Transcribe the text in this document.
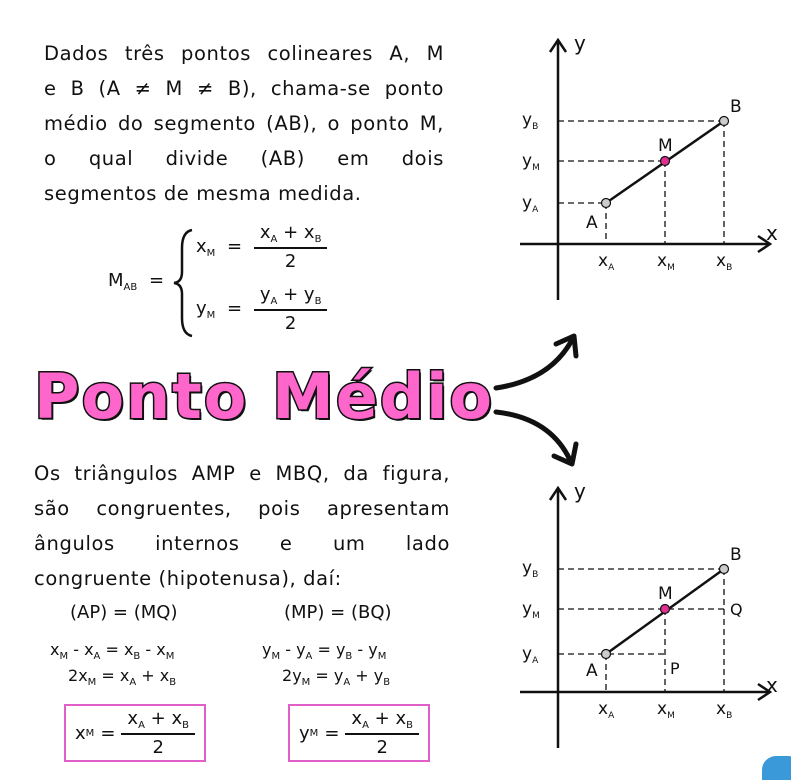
Dados três pontos colineares A, M
e B (A ≠ M ≠ B), chama-se ponto
médio do segmento (AB), o ponto M,
o qual divide (AB) em dois
segmentos de mesma medida.
$M_{AB}$ =
$x_M = \frac{x_A + x_B}{2}$
$y_M = \frac{y_A + y_B}{2}$
Ponto Médio
Os triângulos AMP e MBQ, da figura,
são congruentes, pois apresentam
ângulos internos e um lado
congruente (hipotenusa), daí:
(AP) = (MQ)	(MP) = (BQ)
$x_M - x_A = x_B - x_M$
$2x_M = x_A + x_B$
$y_M - y_A = y_B - y_M$
$2y_M = y_A + y_B$
x $M = \frac{x_A + x_B}{2}$	y $M = \frac{x_A + x_B}{2}$
y
x
A
M
B
$y_B$
$y_M$
$y_A$
$x_A$	$x_M$ $x_B$
y
x
A
M
B
P
Q
$y_B$
$y_M$
$y_A$
$x_A$	$x_M$ $x_B$
